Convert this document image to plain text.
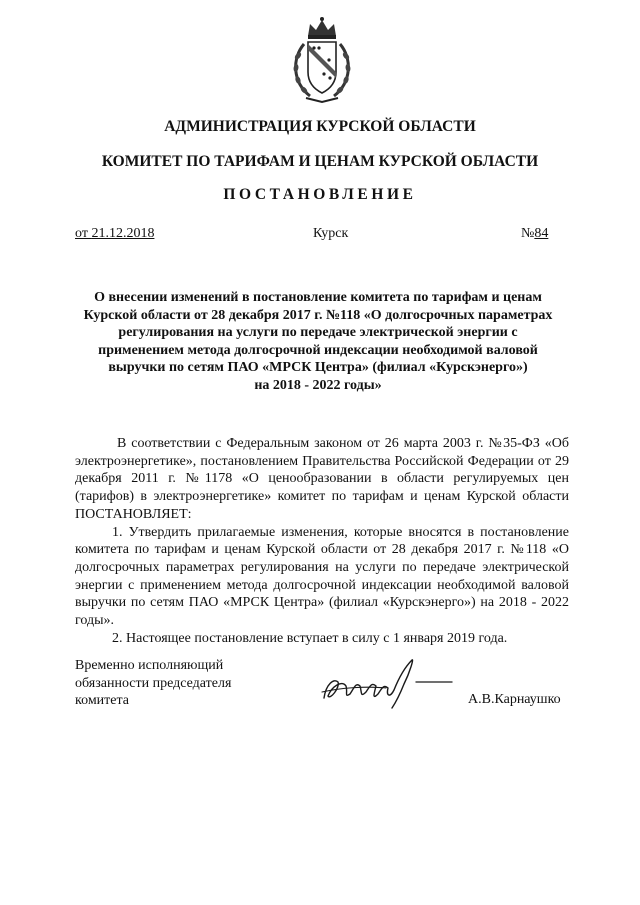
АДМИНИСТРАЦИЯ КУРСКОЙ ОБЛАСТИ
КОМИТЕТ ПО ТАРИФАМ И ЦЕНАМ КУРСКОЙ ОБЛАСТИ
ПОСТАНОВЛЕНИЕ
от 21.12.2018	Курск	№84
О внесении изменений в постановление комитета по тарифам и ценам
Курской области от 28 декабря 2017 г. №118 «О долгосрочных параметрах
регулирования на услуги по передаче электрической энергии с
применением метода долгосрочной индексации необходимой валовой
выручки по сетям ПАО «МРСК Центра» (филиал «Курскэнерго»)
на 2018 - 2022 годы»

В соответствии с Федеральным законом от 26 марта 2003 г. №35-ФЗ «Об электроэнергетике», постановлением Правительства Российской Федерации от 29 декабря 2011 г. №1178 «О ценообразовании в области регулируемых цен (тарифов) в электроэнергетике» комитет по тарифам и ценам Курской области ПОСТАНОВЛЯЕТ:

1. Утвердить прилагаемые изменения, которые вносятся в постановление комитета по тарифам и ценам Курской области от 28 декабря 2017 г. №118 «О долгосрочных параметрах регулирования на услуги по передаче электрической энергии с применением метода долгосрочной индексации необходимой валовой выручки по сетям ПАО «МРСК Центра» (филиал «Курскэнерго») на 2018 - 2022 годы».

2. Настоящее постановление вступает в силу с 1 января 2019 года.

Временно исполняющий
обязанности председателя
комитета	А.В.Карнаушко
